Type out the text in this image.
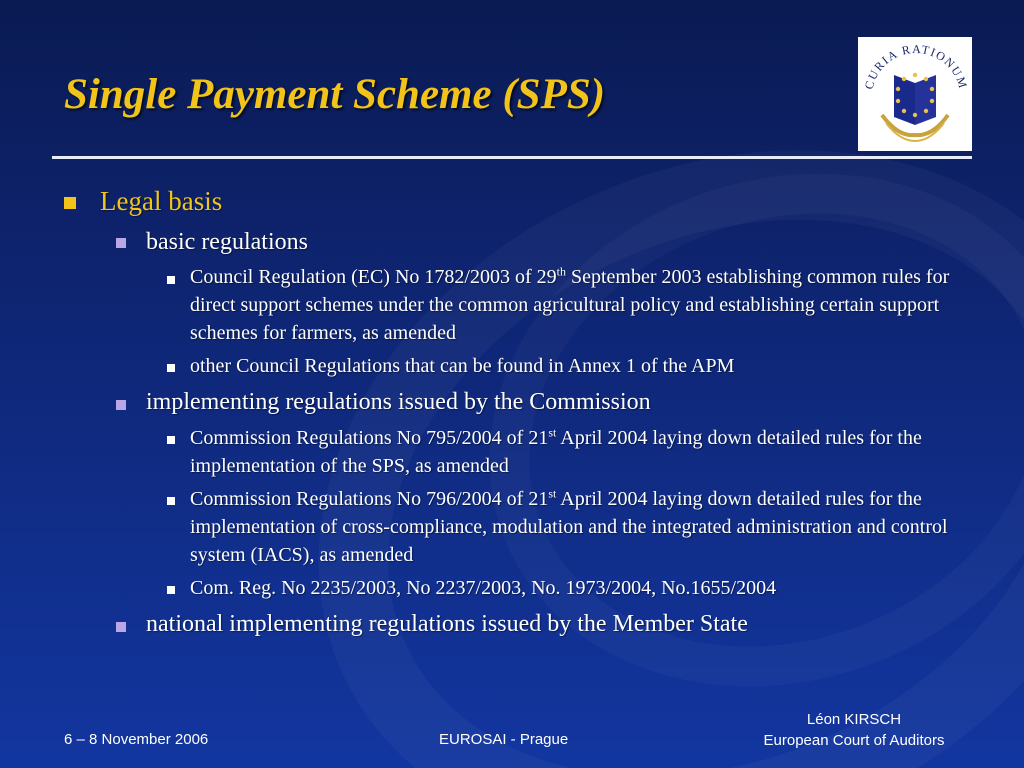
Single Payment Scheme (SPS)	CURIA RATIONUM
Legal basis
basic regulations
Council Regulation (EC) No 1782/2003 of 29th September 2003 establishing common rules for direct support schemes under the common agricultural policy and establishing certain support schemes for farmers, as amended
other Council Regulations that can be found in Annex 1 of the APM
implementing regulations issued by the Commission
Commission Regulations No 795/2004 of 21st April 2004 laying down detailed rules for the implementation of the SPS, as amended
Commission Regulations No 796/2004 of 21st April 2004 laying down detailed rules for the implementation of cross-compliance, modulation and the integrated administration and control system (IACS), as amended
Com. Reg. No 2235/2003, No 2237/2003, No. 1973/2004, No.1655/2004
national implementing regulations issued by the Member State
6 – 8 November 2006	EUROSAI - Prague
Léon KIRSCH
European Court of Auditors
